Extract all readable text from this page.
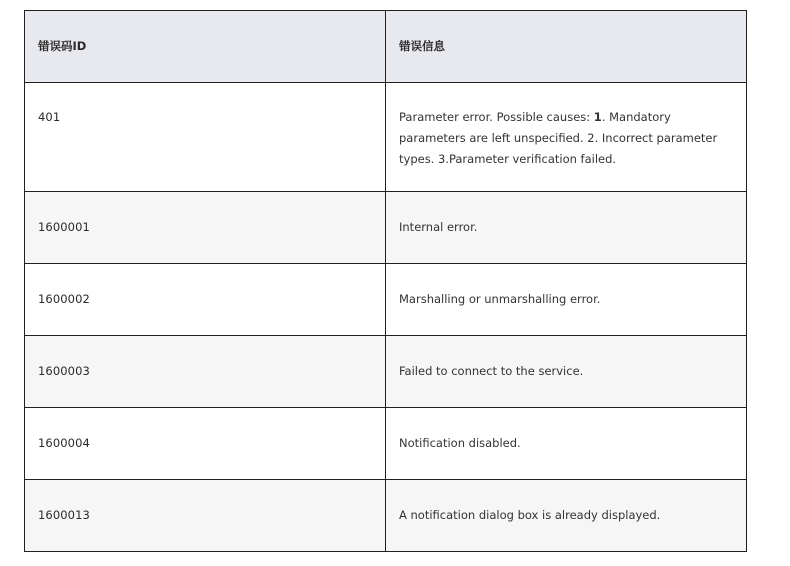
错误码ID	错误信息
401	Parameter error. Possible causes: 1. Mandatory parameters are left unspecified. 2. Incorrect parameter types. 3.Parameter verification failed.
1600001	Internal error.
1600002	Marshalling or unmarshalling error.
1600003	Failed to connect to the service.
1600004	Notification disabled.
1600013	A notification dialog box is already displayed.
